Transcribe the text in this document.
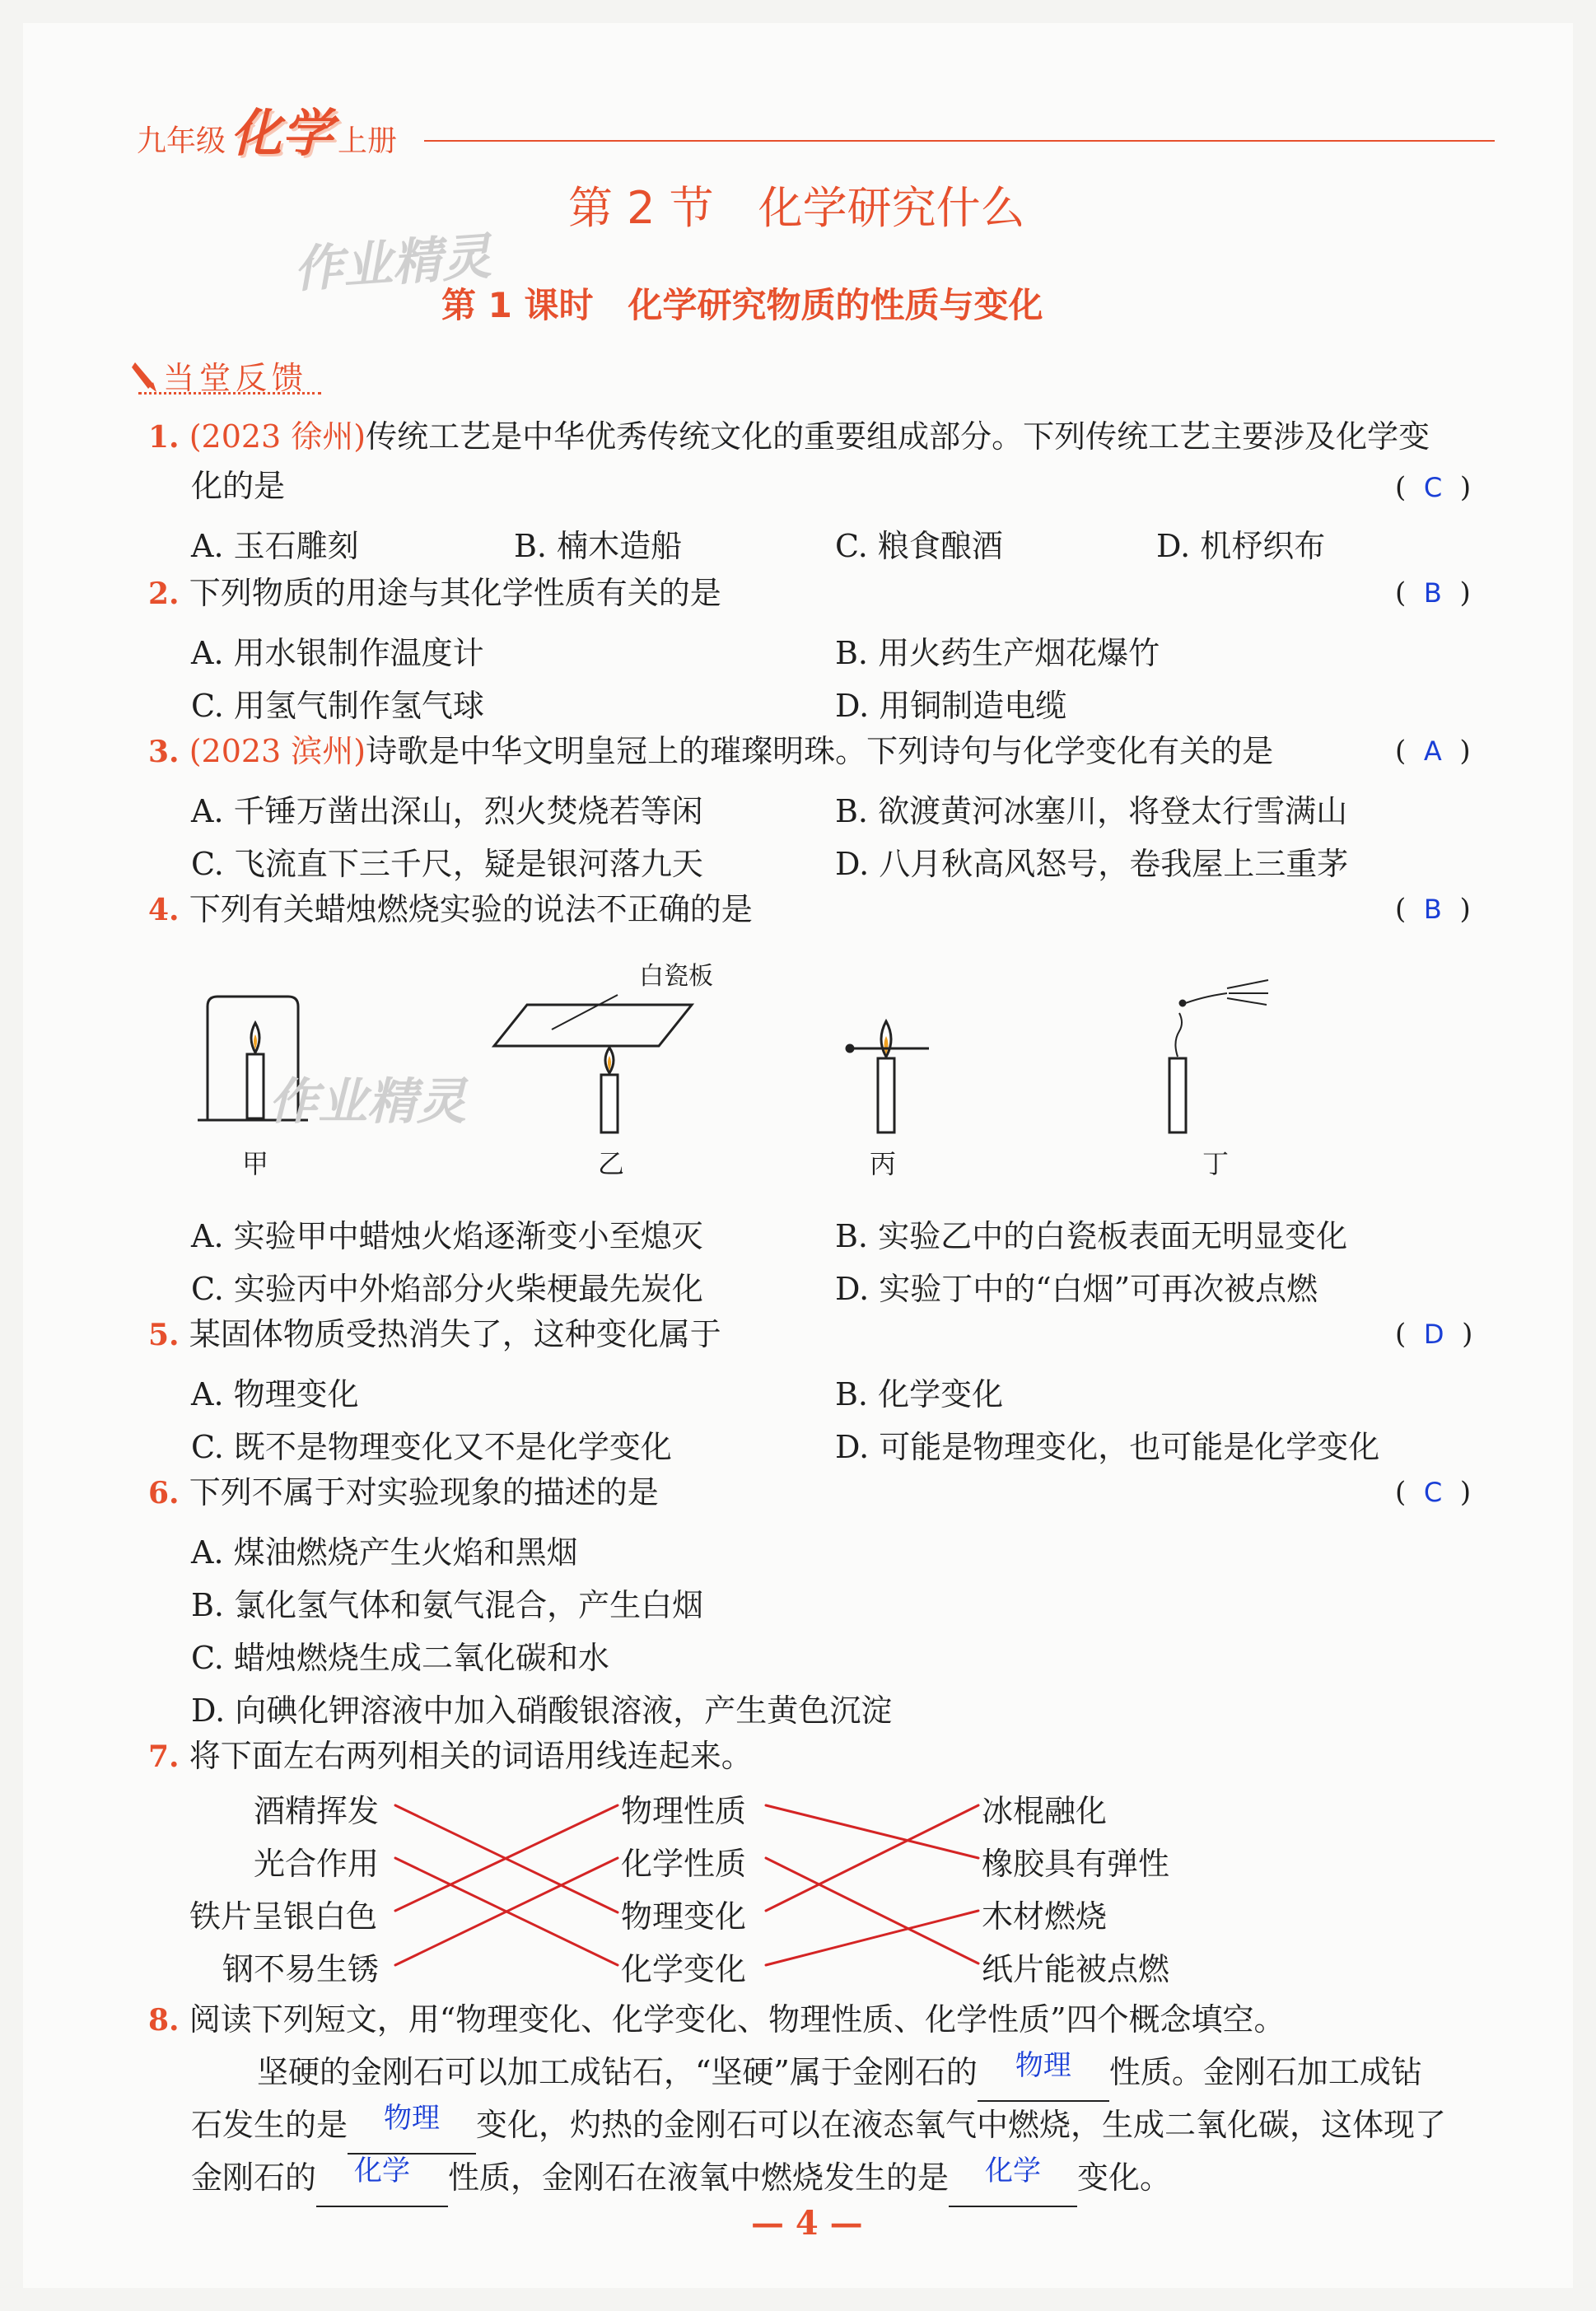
九年级化学 上册
第 2 节　化学研究什么
作业精灵
第 1 课时　化学研究物质的性质与变化
当堂反馈
1. (2023 徐州)传统工艺是中华优秀传统文化的重要组成部分。下列传统工艺主要涉及化学变
化的是	( C )
A. 玉石雕刻	B. 楠木造船	C. 粮食酿酒	D. 机杼织布
2. 下列物质的用途与其化学性质有关的是	( B )
A. 用水银制作温度计	B. 用火药生产烟花爆竹
C. 用氢气制作氢气球	D. 用铜制造电缆
3. (2023 滨州)诗歌是中华文明皇冠上的璀璨明珠。下列诗句与化学变化有关的是	( A )
A. 千锤万凿出深山，烈火焚烧若等闲	B. 欲渡黄河冰塞川，将登太行雪满山
C. 飞流直下三千尺，疑是银河落九天	D. 八月秋高风怒号，卷我屋上三重茅
4. 下列有关蜡烛燃烧实验的说法不正确的是	( B )
白瓷板
作业精灵
甲	乙	丙	丁
A. 实验甲中蜡烛火焰逐渐变小至熄灭	B. 实验乙中的白瓷板表面无明显变化
C. 实验丙中外焰部分火柴梗最先炭化	D. 实验丁中的“白烟”可再次被点燃
5. 某固体物质受热消失了，这种变化属于	( D )
A. 物理变化	B. 化学变化
C. 既不是物理变化又不是化学变化	D. 可能是物理变化，也可能是化学变化
6. 下列不属于对实验现象的描述的是	( C )
A. 煤油燃烧产生火焰和黑烟
B. 氯化氢气体和氨气混合，产生白烟
C. 蜡烛燃烧生成二氧化碳和水
D. 向碘化钾溶液中加入硝酸银溶液，产生黄色沉淀
7. 将下面左右两列相关的词语用线连起来。
酒精挥发
光合作用
铁片呈银白色
钢不易生锈
物理性质
化学性质
物理变化
化学变化
冰棍融化
橡胶具有弹性
木材燃烧
纸片能被点燃
8. 阅读下列短文，用“物理变化、化学变化、物理性质、化学性质”四个概念填空。
坚硬的金刚石可以加工成钻石，“坚硬”属于金刚石的 物理 性质。金刚石加工成钻
石发生的是 物理 变化，灼热的金刚石可以在液态氧气中燃烧，生成二氧化碳，这体现了
金刚石的 化学 性质，金刚石在液氧中燃烧发生的是 化学 变化。
— 4 —
